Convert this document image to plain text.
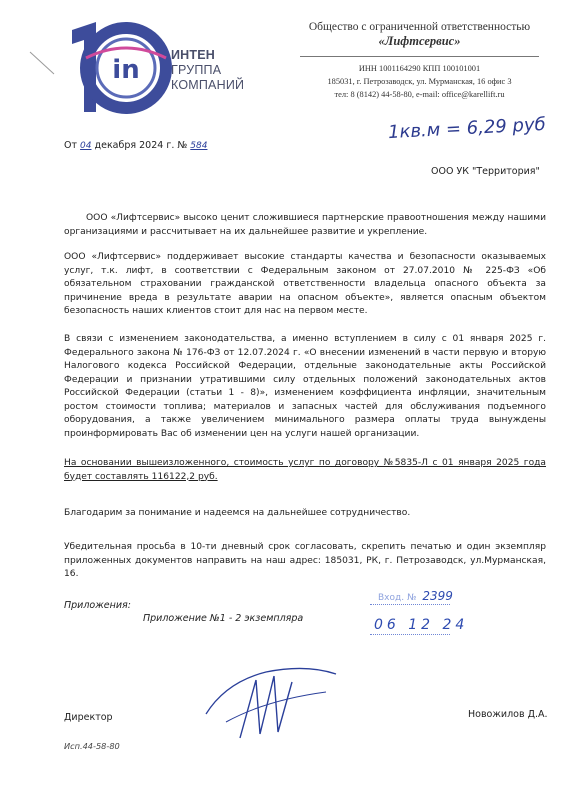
in	ИНТЕН
ГРУППА
КОМПАНИЙ
Общество с ограниченной ответственностью
«Лифтсервис»
ИНН 1001164290 КПП 100101001
185031, г. Петрозаводск, ул. Мурманская, 16 офис 3
тел: 8 (8142) 44-58-80, e-mail: office@karellift.ru
1кв.м = 6,29 руб
От 04 декабря 2024 г. № 584
ООО УК "Территория"
ООО «Лифтсервис» высоко ценит сложившиеся партнерские правоотношения между нашими организациями и рассчитывает на их дальнейшее развитие и укрепление.
ООО «Лифтсервис» поддерживает высокие стандарты качества и безопасности оказываемых услуг, т.к. лифт, в соответствии с Федеральным законом от 27.07.2010 № 225-ФЗ «Об обязательном страховании гражданской ответственности владельца опасного объекта за причинение вреда в результате аварии на опасном объекте», является опасным объектом безопасность наших клиентов стоит для нас на первом месте.
В связи с изменением законодательства, а именно вступлением в силу с 01 января 2025 г. Федерального закона № 176-ФЗ от 12.07.2024 г. «О внесении изменений в части первую и вторую Налогового кодекса Российской Федерации, отдельные законодательные акты Российской Федерации и признании утратившими силу отдельных положений законодательных актов Российской Федерации (статьи 1 - 8)», изменением коэффициента инфляции, значительным ростом стоимости топлива; материалов и запасных частей для обслуживания подъемного оборудования, а также увеличением минимального размера оплаты труда вынуждены проинформировать Вас об изменении цен на услуги нашей организации.
На основании вышеизложенного, стоимость услуг по договору №5835-Л с 01 января 2025 года будет составлять 116122,2 руб.
Благодарим за понимание и надеемся на дальнейшее сотрудничество.
Убедительная просьба в 10-ти дневный срок согласовать, скрепить печатью и один экземпляр приложенных документов направить на наш адрес: 185031, РК, г. Петрозаводск, ул.Мурманская, 16.
Приложения:
Приложение №1 - 2 экземпляра
Вход. № 2399
06 12 24
Директор	Новожилов Д.А.
Исп.44-58-80
